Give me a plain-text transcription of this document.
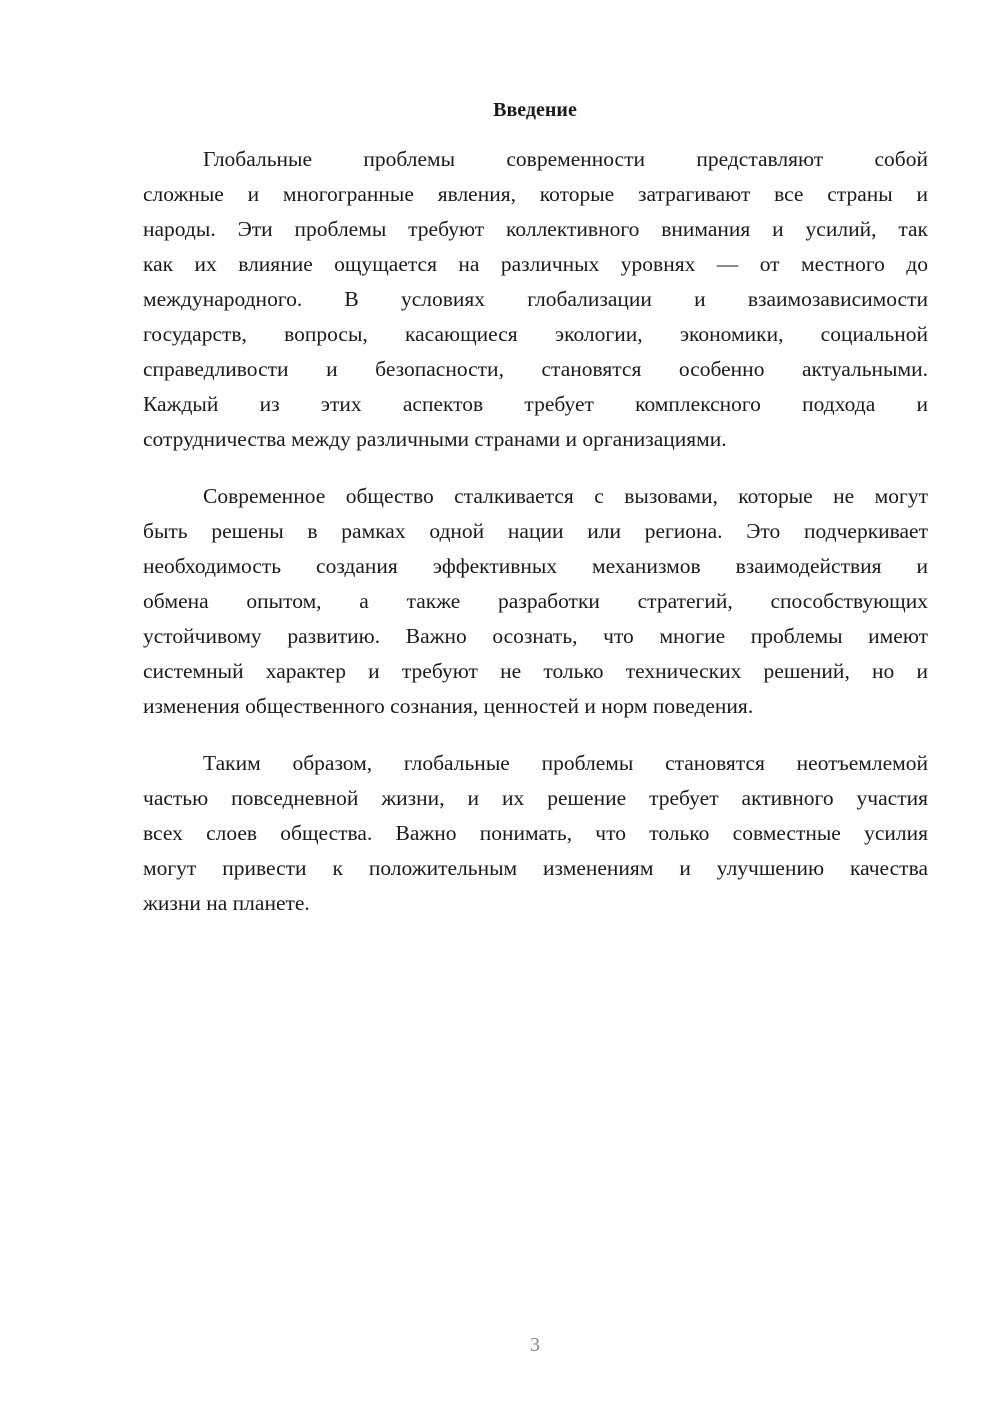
Введение
Глобальные проблемы современности представляют собой
сложные и многогранные явления, которые затрагивают все страны и
народы. Эти проблемы требуют коллективного внимания и усилий, так
как их влияние ощущается на различных уровнях — от местного до
международного. В условиях глобализации и взаимозависимости
государств, вопросы, касающиеся экологии, экономики, социальной
справедливости и безопасности, становятся особенно актуальными.
Каждый из этих аспектов требует комплексного подхода и
сотрудничества между различными странами и организациями.
Современное общество сталкивается с вызовами, которые не могут
быть решены в рамках одной нации или региона. Это подчеркивает
необходимость создания эффективных механизмов взаимодействия и
обмена опытом, а также разработки стратегий, способствующих
устойчивому развитию. Важно осознать, что многие проблемы имеют
системный характер и требуют не только технических решений, но и
изменения общественного сознания, ценностей и норм поведения.
Таким образом, глобальные проблемы становятся неотъемлемой
частью повседневной жизни, и их решение требует активного участия
всех слоев общества. Важно понимать, что только совместные усилия
могут привести к положительным изменениям и улучшению качества
жизни на планете.
3
